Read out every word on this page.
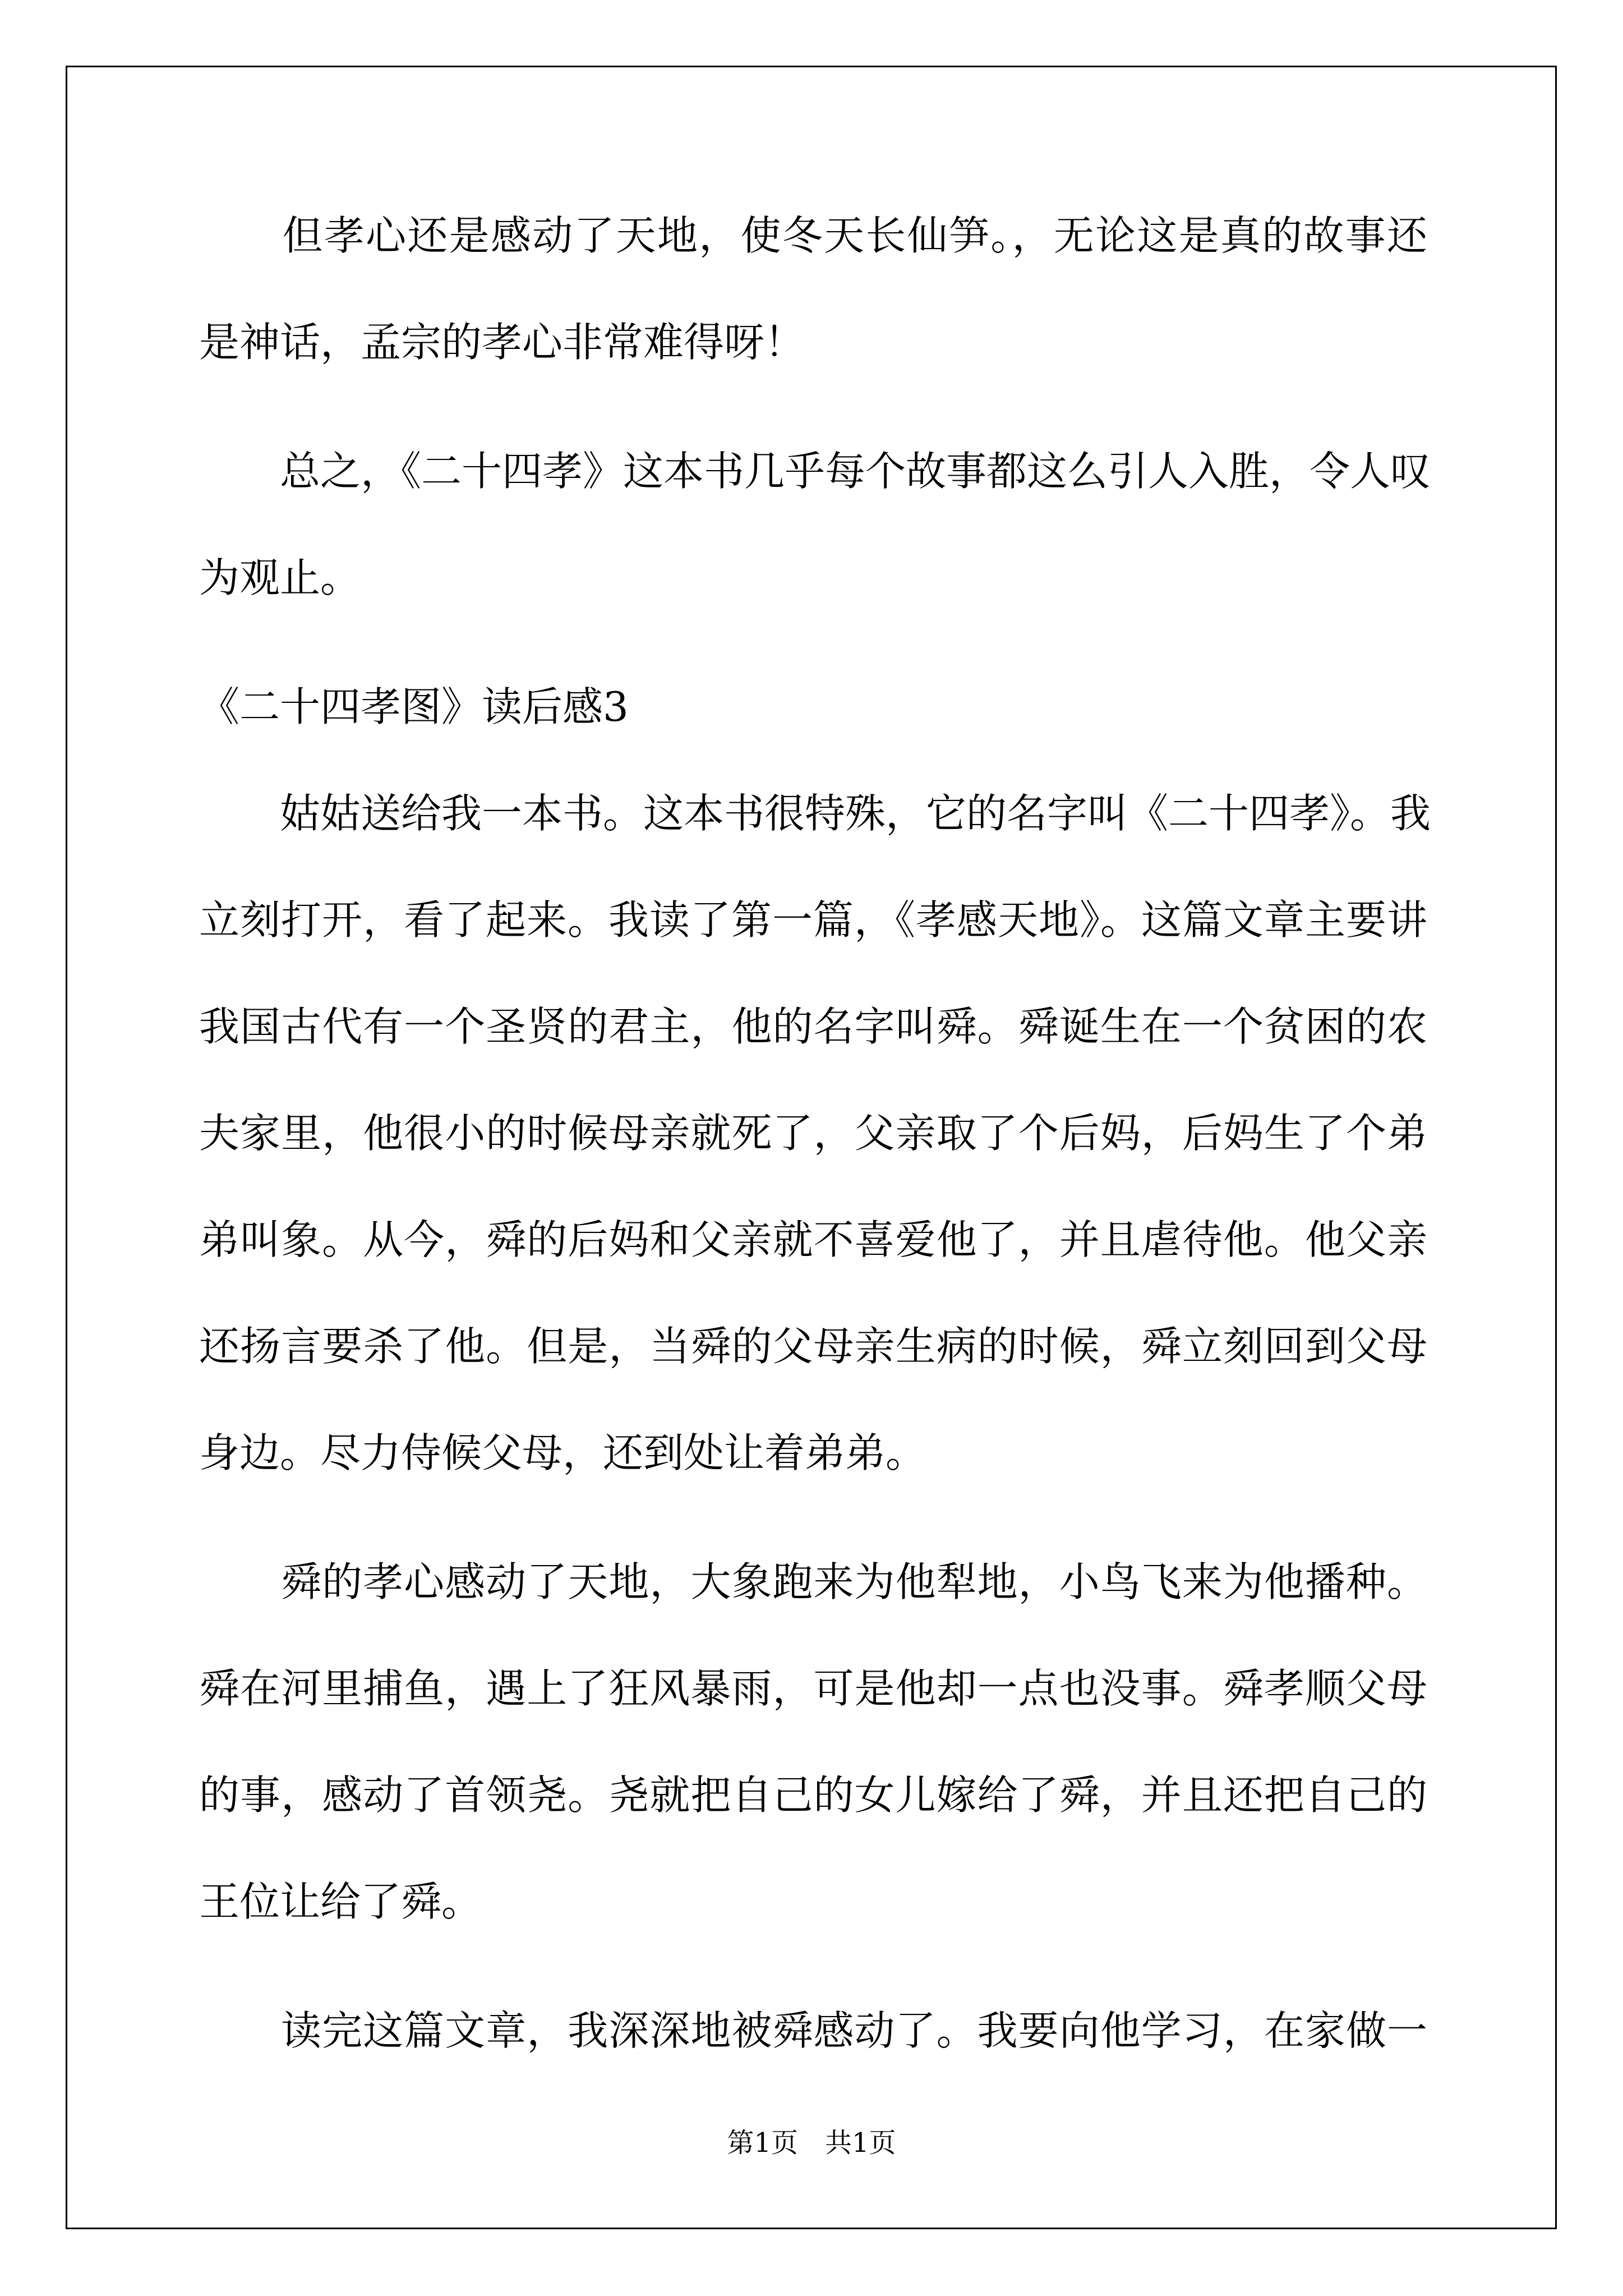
　　但孝心还是感动了天地，使冬天长仙笋。，无论这是真的故事还
是神话，孟宗的孝心非常难得呀！
　　总之，《二十四孝》这本书几乎每个故事都这么引人入胜，令人叹
为观止。
《二十四孝图》读后感3
　　姑姑送给我一本书。这本书很特殊，它的名字叫《二十四孝》。我
立刻打开，看了起来。我读了第一篇，《孝感天地》。这篇文章主要讲
我国古代有一个圣贤的君主，他的名字叫舜。舜诞生在一个贫困的农
夫家里，他很小的时候母亲就死了，父亲取了个后妈，后妈生了个弟
弟叫象。从今，舜的后妈和父亲就不喜爱他了，并且虐待他。他父亲
还扬言要杀了他。但是，当舜的父母亲生病的时候，舜立刻回到父母
身边。尽力侍候父母，还到处让着弟弟。
　　舜的孝心感动了天地，大象跑来为他犁地，小鸟飞来为他播种。
舜在河里捕鱼，遇上了狂风暴雨，可是他却一点也没事。舜孝顺父母
的事，感动了首领尧。尧就把自己的女儿嫁给了舜，并且还把自己的
王位让给了舜。
　　读完这篇文章，我深深地被舜感动了。我要向他学习，在家做一
第1页　共1页
